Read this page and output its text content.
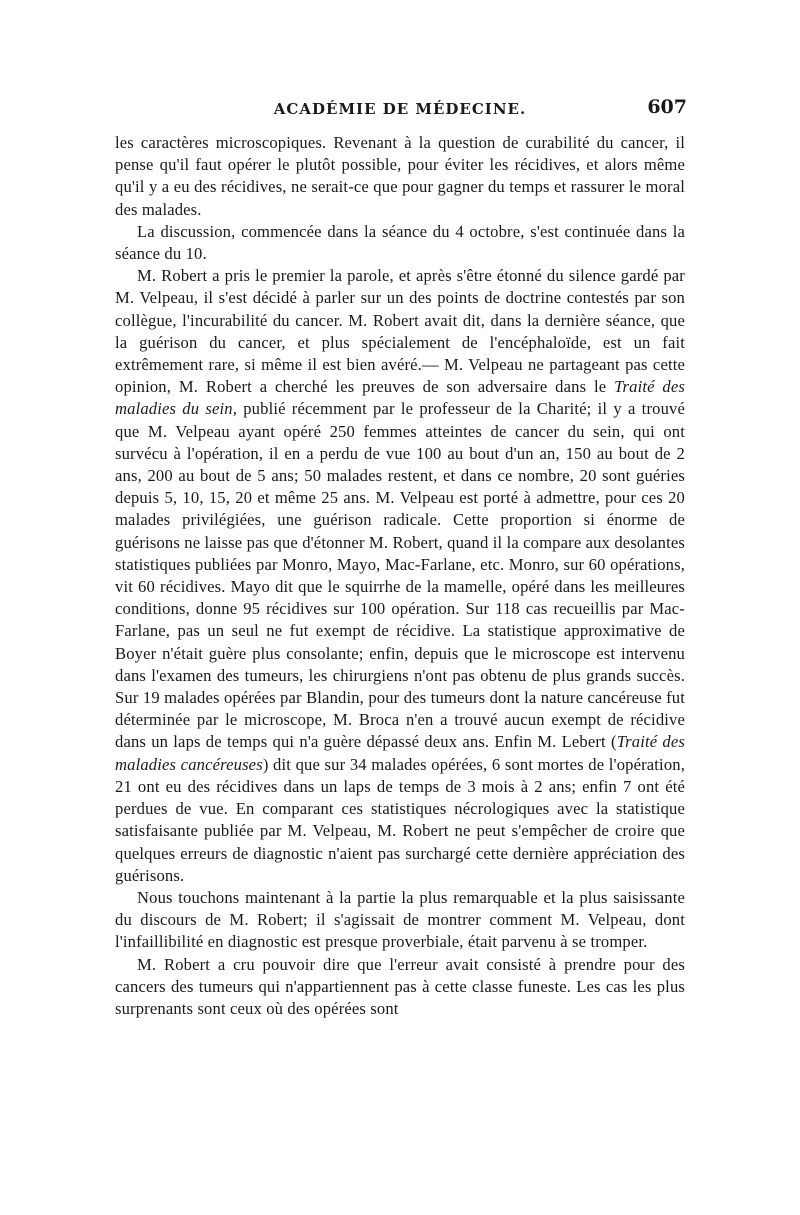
ACADÉMIE DE MÉDECINE.	607

les caractères microscopiques. Revenant à la question de curabilité du cancer, il pense qu'il faut opérer le plutôt possible, pour éviter les récidives, et alors même qu'il y a eu des récidives, ne serait-ce que pour gagner du temps et rassurer le moral des malades.

La discussion, commencée dans la séance du 4 octobre, s'est continuée dans la séance du 10.

M. Robert a pris le premier la parole, et après s'être étonné du silence gardé par M. Velpeau, il s'est décidé à parler sur un des points de doctrine contestés par son collègue, l'incurabilité du cancer. M. Robert avait dit, dans la dernière séance, que la guérison du cancer, et plus spécialement de l'encéphaloïde, est un fait extrêmement rare, si même il est bien avéré.— M. Velpeau ne partageant pas cette opinion, M. Robert a cherché les preuves de son adversaire dans le Traité des maladies du sein, publié récemment par le professeur de la Charité; il y a trouvé que M. Velpeau ayant opéré 250 femmes atteintes de cancer du sein, qui ont survécu à l'opération, il en a perdu de vue 100 au bout d'un an, 150 au bout de 2 ans, 200 au bout de 5 ans; 50 malades restent, et dans ce nombre, 20 sont guéries depuis 5, 10, 15, 20 et même 25 ans. M. Velpeau est porté à admettre, pour ces 20 malades privilégiées, une guérison radicale. Cette proportion si énorme de guérisons ne laisse pas que d'étonner M. Robert, quand il la compare aux desolantes statistiques publiées par Monro, Mayo, Mac-Farlane, etc. Monro, sur 60 opérations, vit 60 récidives. Mayo dit que le squirrhe de la mamelle, opéré dans les meilleures conditions, donne 95 récidives sur 100 opération. Sur 118 cas recueillis par Mac-Farlane, pas un seul ne fut exempt de récidive. La statistique approximative de Boyer n'était guère plus consolante; enfin, depuis que le microscope est intervenu dans l'examen des tumeurs, les chirurgiens n'ont pas obtenu de plus grands succès. Sur 19 malades opérées par Blandin, pour des tumeurs dont la nature cancéreuse fut déterminée par le microscope, M. Broca n'en a trouvé aucun exempt de récidive dans un laps de temps qui n'a guère dépassé deux ans. Enfin M. Lebert (Traité des maladies cancéreuses) dit que sur 34 malades opérées, 6 sont mortes de l'opération, 21 ont eu des récidives dans un laps de temps de 3 mois à 2 ans; enfin 7 ont été perdues de vue. En comparant ces statistiques nécrologiques avec la statistique satisfaisante publiée par M. Velpeau, M. Robert ne peut s'empêcher de croire que quelques erreurs de diagnostic n'aient pas surchargé cette dernière appréciation des guérisons.

Nous touchons maintenant à la partie la plus remarquable et la plus saisissante du discours de M. Robert; il s'agissait de montrer comment M. Velpeau, dont l'infaillibilité en diagnostic est presque proverbiale, était parvenu à se tromper.

M. Robert a cru pouvoir dire que l'erreur avait consisté à prendre pour des cancers des tumeurs qui n'appartiennent pas à cette classe funeste. Les cas les plus surprenants sont ceux où des opérées sont
